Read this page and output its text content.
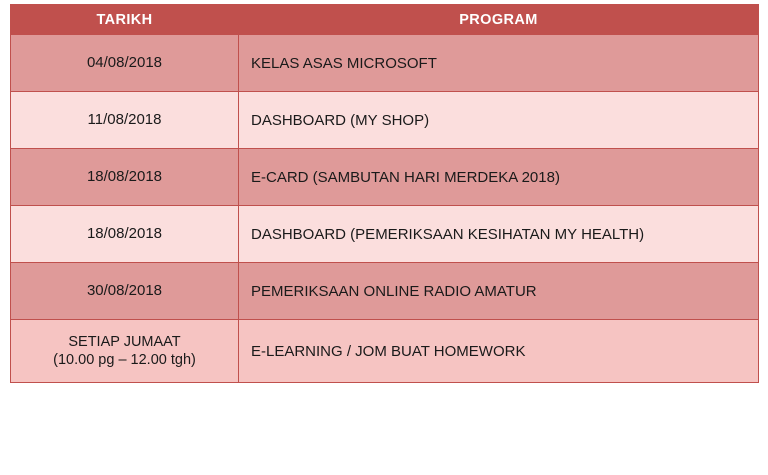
TARIKH	PROGRAM

04/08/2018	KELAS ASAS MICROSOFT

11/08/2018	DASHBOARD (MY SHOP)

18/08/2018	E-CARD (SAMBUTAN HARI MERDEKA 2018)

18/08/2018	DASHBOARD (PEMERIKSAAN KESIHATAN MY HEALTH)

30/08/2018	PEMERIKSAAN ONLINE RADIO AMATUR

SETIAP JUMAAT
(10.00 pg – 12.00 tgh)	E-LEARNING / JOM BUAT HOMEWORK
